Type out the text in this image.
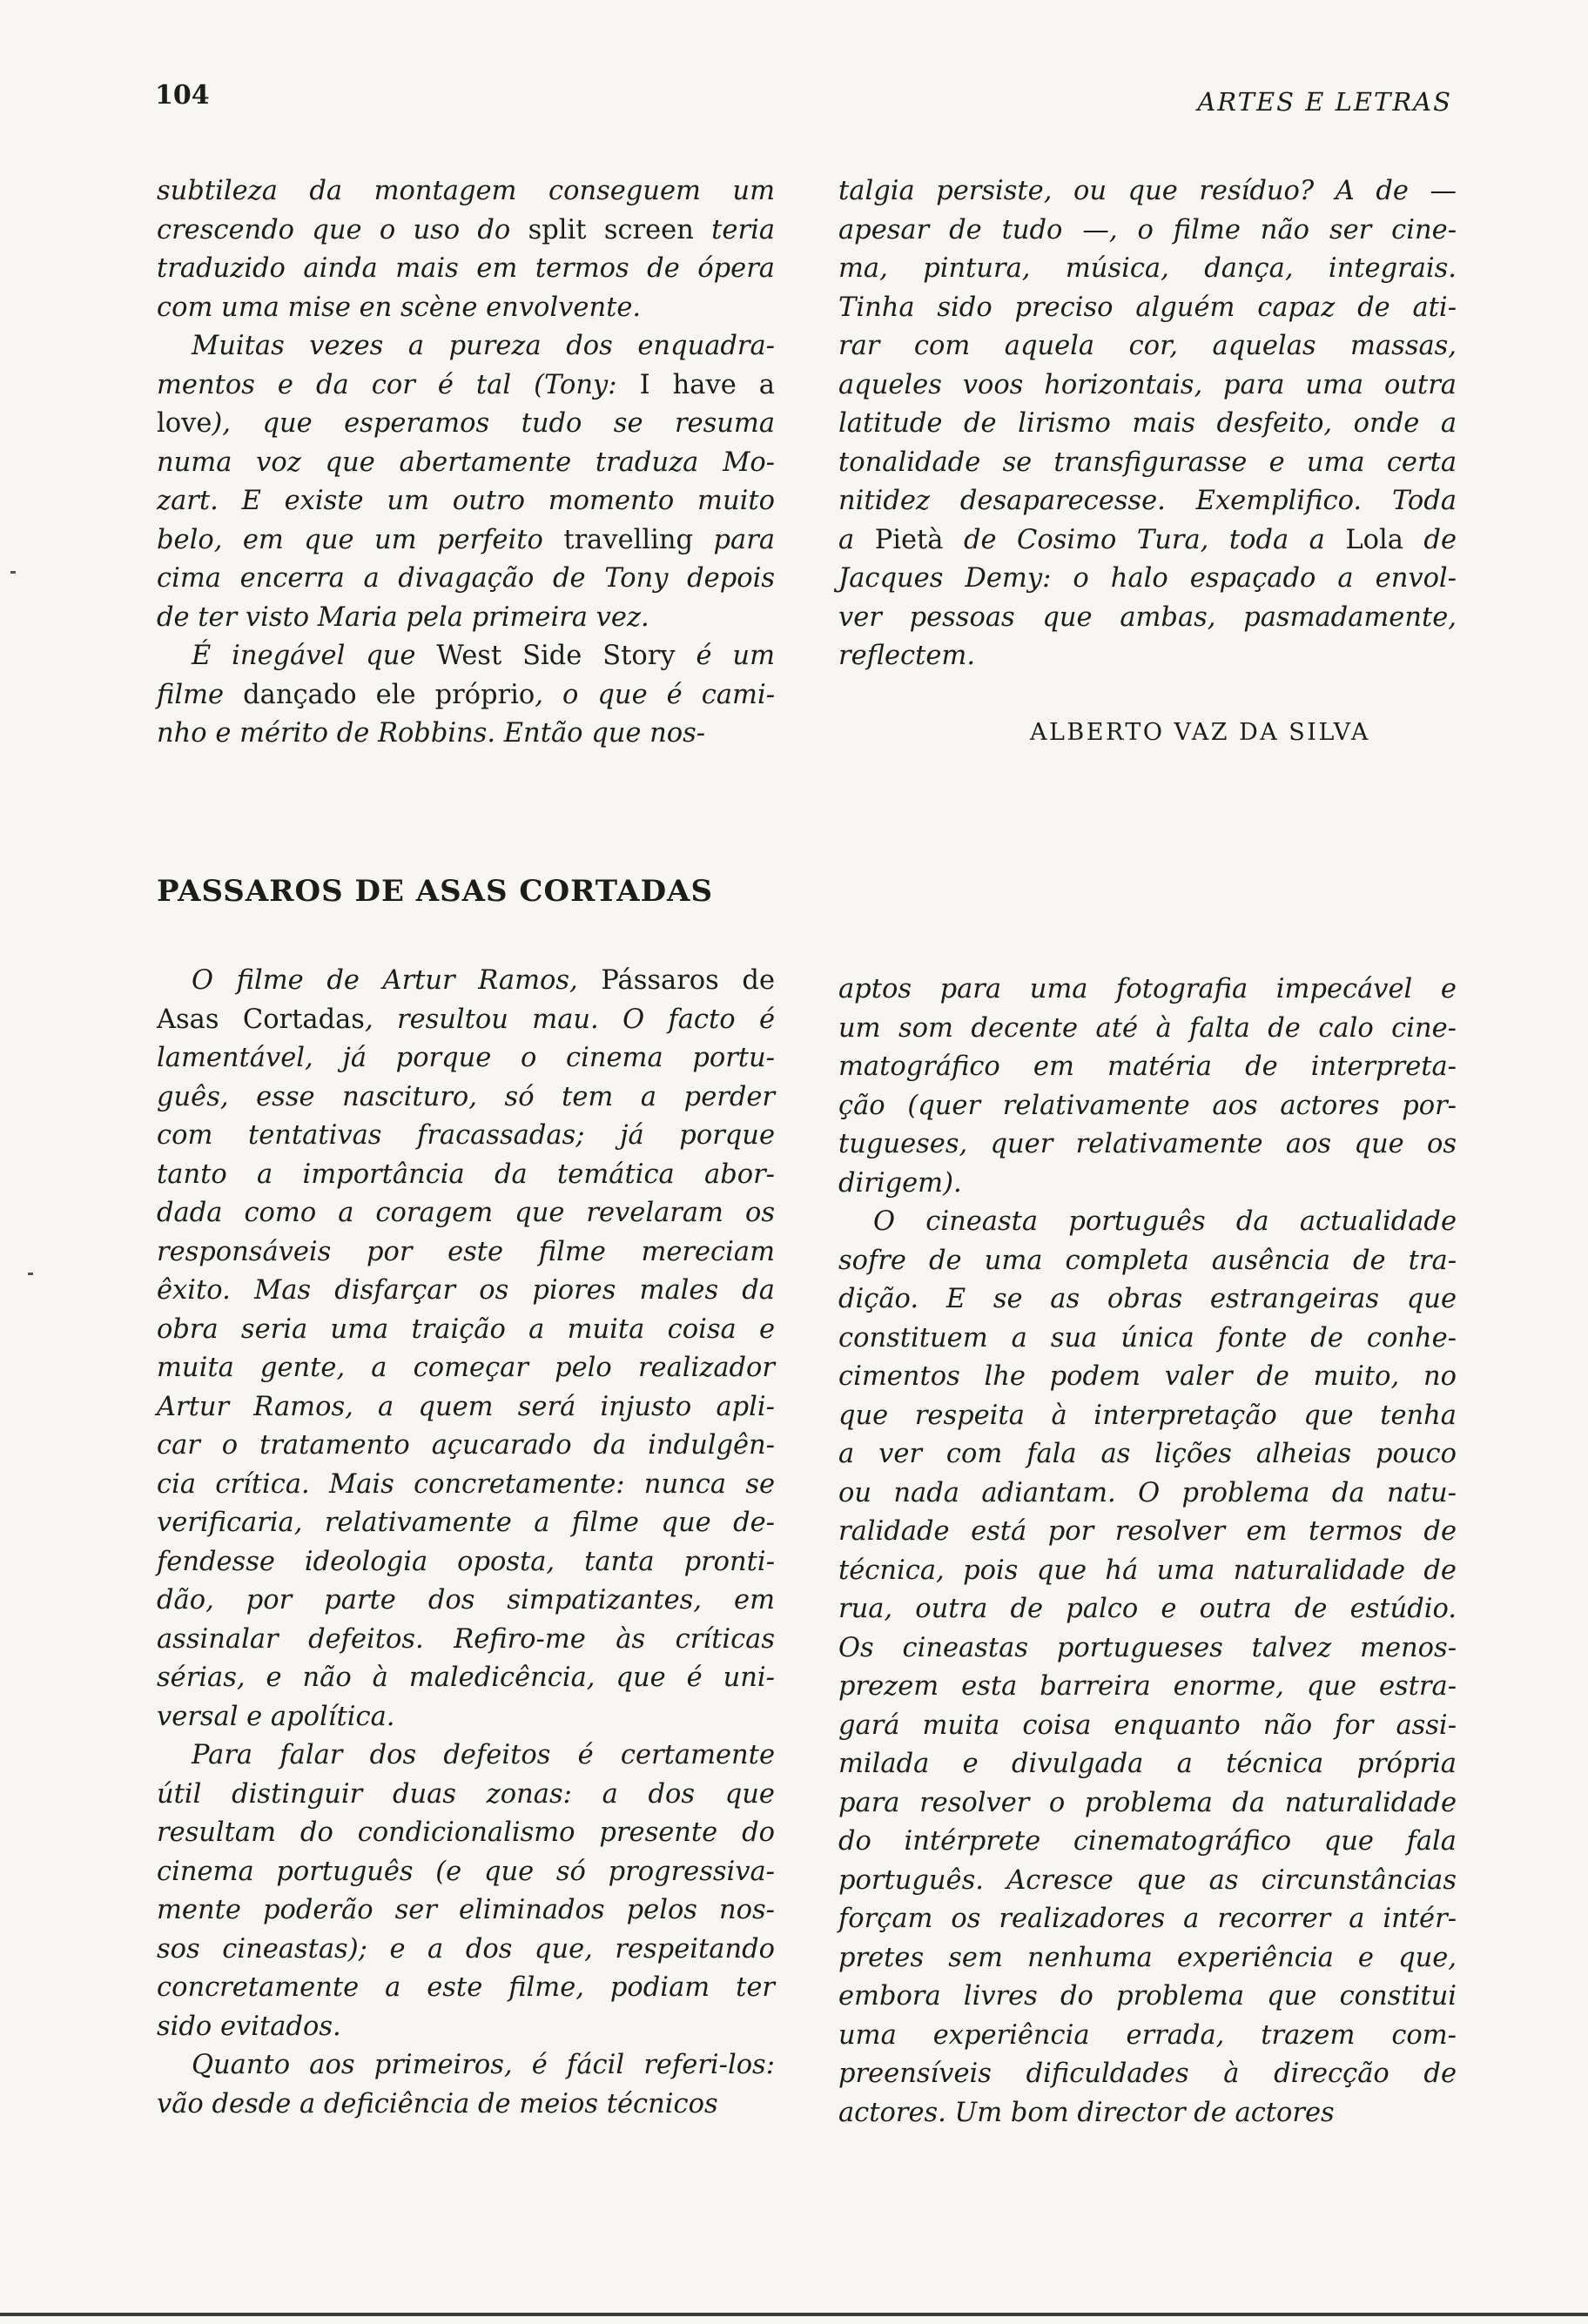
104	ARTES E LETRAS
subtileza da montagem conseguem um
crescendo que o uso do split screen teria
traduzido ainda mais em termos de ópera
com uma mise en scène envolvente.
Muitas vezes a pureza dos enquadra-
mentos e da cor é tal (Tony: I have a
love), que esperamos tudo se resuma
numa voz que abertamente traduza Mo-
zart. E existe um outro momento muito
belo, em que um perfeito travelling para
cima encerra a divagação de Tony depois
de ter visto Maria pela primeira vez.
É inegável que West Side Story é um
filme dançado ele próprio, o que é cami-
nho e mérito de Robbins. Então que nos-
talgia persiste, ou que resíduo? A de —
apesar de tudo —, o filme não ser cine-
ma, pintura, música, dança, integrais.
Tinha sido preciso alguém capaz de ati-
rar com aquela cor, aquelas massas,
aqueles voos horizontais, para uma outra
latitude de lirismo mais desfeito, onde a
tonalidade se transfigurasse e uma certa
nitidez desaparecesse. Exemplifico. Toda
a Pietà de Cosimo Tura, toda a Lola de
Jacques Demy: o halo espaçado a envol-
ver pessoas que ambas, pasmadamente,
reflectem.
ALBERTO VAZ DA SILVA
PASSAROS DE ASAS CORTADAS
O filme de Artur Ramos, Pássaros de
Asas Cortadas, resultou mau. O facto é
lamentável, já porque o cinema portu-
guês, esse nascituro, só tem a perder
com tentativas fracassadas; já porque
tanto a importância da temática abor-
dada como a coragem que revelaram os
responsáveis por este filme mereciam
êxito. Mas disfarçar os piores males da
obra seria uma traição a muita coisa e
muita gente, a começar pelo realizador
Artur Ramos, a quem será injusto apli-
car o tratamento açucarado da indulgên-
cia crítica. Mais concretamente: nunca se
verificaria, relativamente a filme que de-
fendesse ideologia oposta, tanta pronti-
dão, por parte dos simpatizantes, em
assinalar defeitos. Refiro-me às críticas
sérias, e não à maledicência, que é uni-
versal e apolítica.
Para falar dos defeitos é certamente
útil distinguir duas zonas: a dos que
resultam do condicionalismo presente do
cinema português (e que só progressiva-
mente poderão ser eliminados pelos nos-
sos cineastas); e a dos que, respeitando
concretamente a este filme, podiam ter
sido evitados.
Quanto aos primeiros, é fácil referi-los:
vão desde a deficiência de meios técnicos
aptos para uma fotografia impecável e
um som decente até à falta de calo cine-
matográfico em matéria de interpreta-
ção (quer relativamente aos actores por-
tugueses, quer relativamente aos que os
dirigem).
O cineasta português da actualidade
sofre de uma completa ausência de tra-
dição. E se as obras estrangeiras que
constituem a sua única fonte de conhe-
cimentos lhe podem valer de muito, no
que respeita à interpretação que tenha
a ver com fala as lições alheias pouco
ou nada adiantam. O problema da natu-
ralidade está por resolver em termos de
técnica, pois que há uma naturalidade de
rua, outra de palco e outra de estúdio.
Os cineastas portugueses talvez menos-
prezem esta barreira enorme, que estra-
gará muita coisa enquanto não for assi-
milada e divulgada a técnica própria
para resolver o problema da naturalidade
do intérprete cinematográfico que fala
português. Acresce que as circunstâncias
forçam os realizadores a recorrer a intér-
pretes sem nenhuma experiência e que,
embora livres do problema que constitui
uma experiência errada, trazem com-
preensíveis dificuldades à direcção de
actores. Um bom director de actores
